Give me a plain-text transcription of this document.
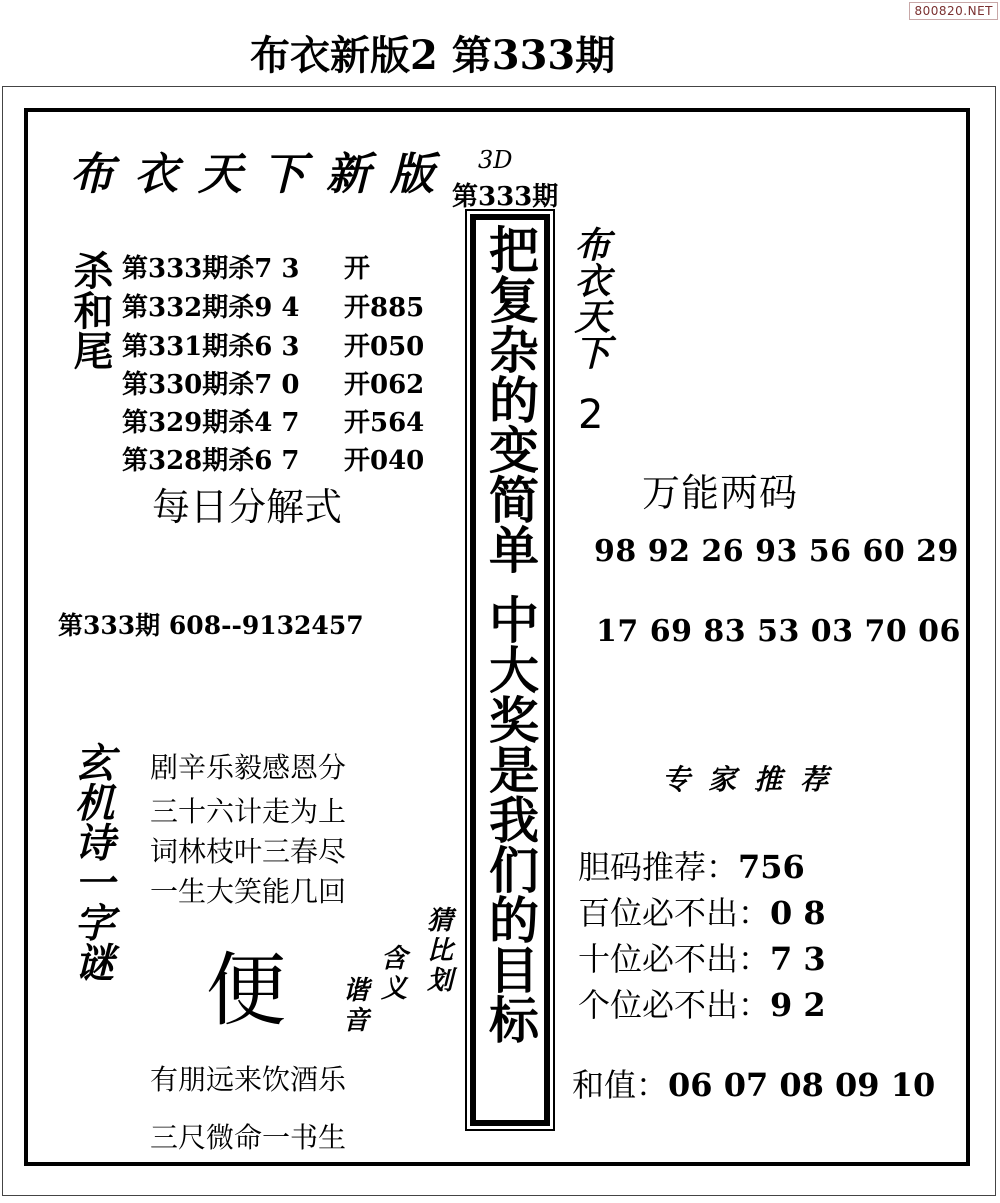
800820.NET
布衣新版2 第333期
布衣天下新版 3D
第333期
杀和尾 第333期杀7 3 开
第332期杀9 4 开885
第331期杀6 3 开050
第330期杀7 0 开062
第329期杀4 7 开564
第328期杀6 7 开040
每日分解式
第333期 608--9132457
把复杂的变简单
中大奖是我们的目标
布衣天下
2
万能两码
98 92 26 93 56 60 29
17 69 83 53 03 70 06
专家推荐
胆码推荐：756
百位必不出：0 8
十位必不出：7 3
个位必不出：9 2
和值：06 07 08 09 10
玄机诗一字谜 剧辛乐毅感恩分
三十六计走为上
词林枝叶三春尽
一生大笑能几回
便 谐音
含义
猜比划
有朋远来饮酒乐
三尺微命一书生
